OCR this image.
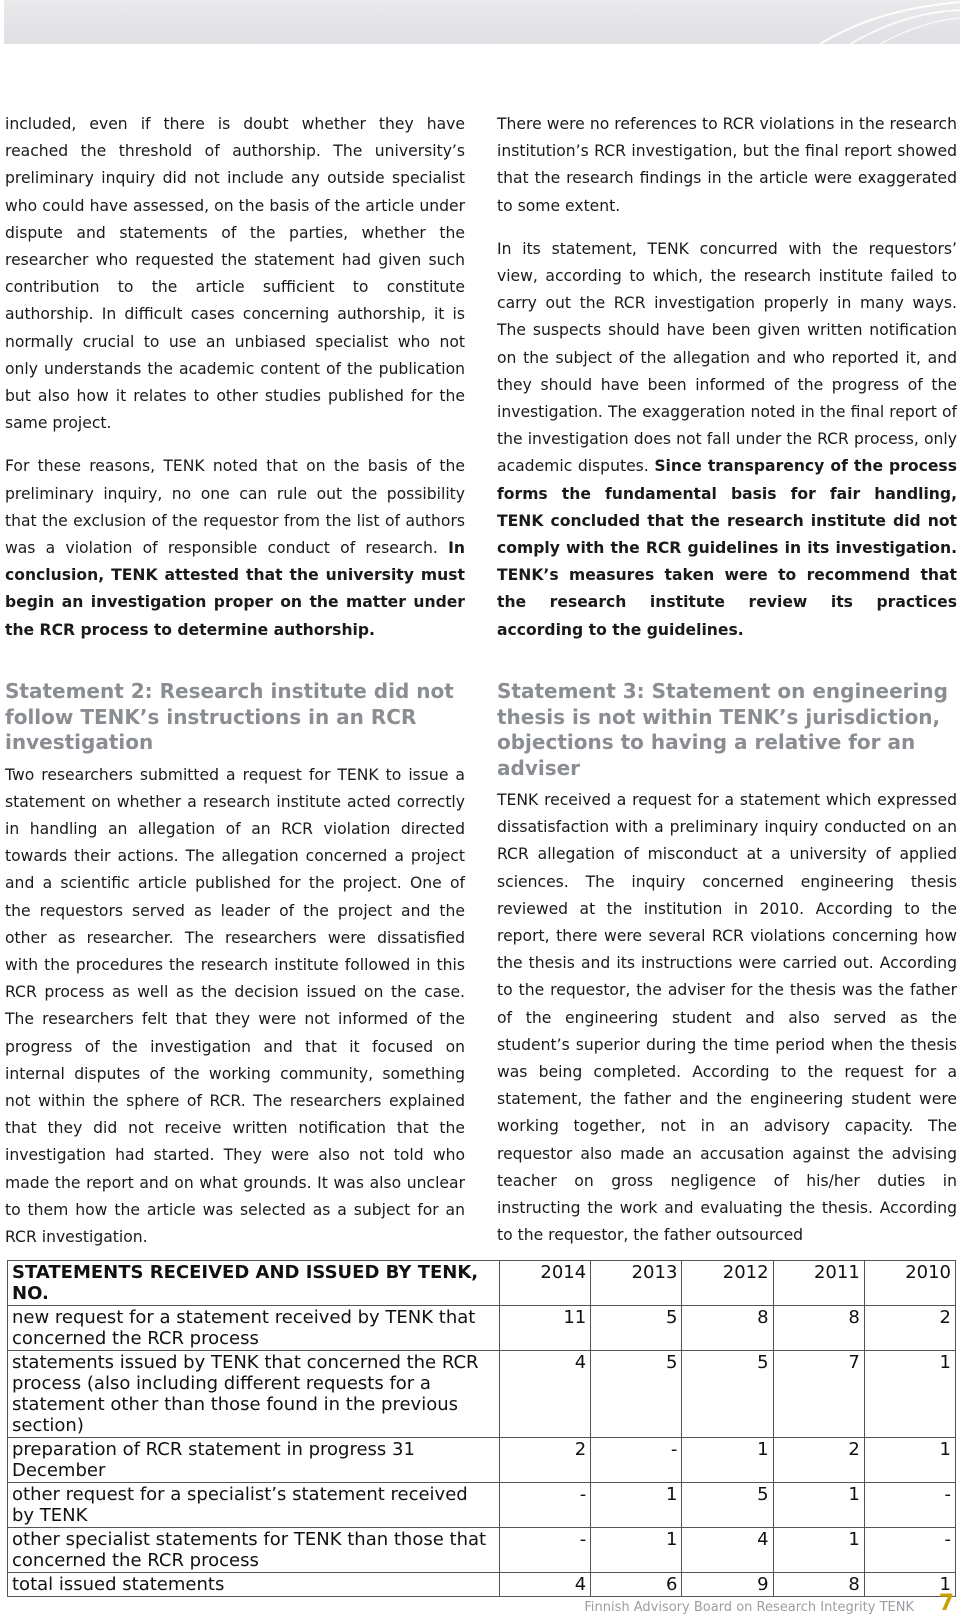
included, even if there is doubt whether they have reached the threshold of authorship. The university’s preliminary inquiry did not include any outside specialist who could have assessed, on the basis of the article under dispute and statements of the parties, whether the researcher who requested the statement had given such contribution to the article sufficient to constitute authorship. In difficult cases concerning authorship, it is normally crucial to use an unbiased specialist who not only understands the academic content of the publication but also how it relates to other studies published for the same project.

For these reasons, TENK noted that on the basis of the preliminary inquiry, no one can rule out the possibility that the exclusion of the requestor from the list of authors was a violation of responsible conduct of research. In conclusion, TENK attested that the university must begin an investigation proper on the matter under the RCR process to determine authorship.

There were no references to RCR violations in the research institution’s RCR investigation, but the final report showed that the research findings in the article were exaggerated to some extent.

In its statement, TENK concurred with the requestors’ view, according to which, the research institute failed to carry out the RCR investigation properly in many ways. The suspects should have been given written notification on the subject of the allegation and who reported it, and they should have been informed of the progress of the investigation. The exaggeration noted in the final report of the investigation does not fall under the RCR process, only academic disputes. Since transparency of the process forms the fundamental basis for fair handling, TENK concluded that the research institute did not comply with the RCR guidelines in its investigation. TENK’s measures taken were to recommend that the research institute review its practices according to the guidelines.

Statement 2: Research institute did not follow TENK’s instructions in an RCR investigation

Two researchers submitted a request for TENK to issue a statement on whether a research institute acted correctly in handling an allegation of an RCR violation directed towards their actions. The allegation concerned a project and a scientific article published for the project. One of the requestors served as leader of the project and the other as researcher. The researchers were dissatisfied with the procedures the research institute followed in this RCR process as well as the decision issued on the case. The researchers felt that they were not informed of the progress of the investigation and that it focused on internal disputes of the working community, something not within the sphere of RCR. The researchers explained that they did not receive written notification that the investigation had started. They were also not told who made the report and on what grounds. It was also unclear to them how the article was selected as a subject for an RCR investigation.

Statement 3: Statement on engineering thesis is not within TENK’s jurisdiction, objections to having a relative for an adviser

TENK received a request for a statement which expressed dissatisfaction with a preliminary inquiry conducted on an RCR allegation of misconduct at a university of applied sciences. The inquiry concerned engineering thesis reviewed at the institution in 2010. According to the report, there were several RCR violations concerning how the thesis and its instructions were carried out. According to the requestor, the adviser for the thesis was the father of the engineering student and also served as the student’s superior during the time period when the thesis was being completed. According to the request for a statement, the father and the engineering student were working together, not in an advisory capacity. The requestor also made an accusation against the advising teacher on gross negligence of his/her duties in instructing the work and evaluating the thesis. According to the requestor, the father outsourced

STATEMENTS RECEIVED AND ISSUED BY TENK, NO.	2014	2013	2012	2011	2010
new request for a statement received by TENK that concerned the RCR process	11	5	8	8	2
statements issued by TENK that concerned the RCR process (also including different requests for a statement other than those found in the previous section)	4	5	5	7	1
preparation of RCR statement in progress 31 December	2	-	1	2	1
other request for a specialist’s statement received by TENK	-	1	5	1	-
other specialist statements for TENK than those that concerned the RCR process	-	1	4	1	-
total issued statements	4	6	9	8	1
Finnish Advisory Board on Research Integrity TENK 7
